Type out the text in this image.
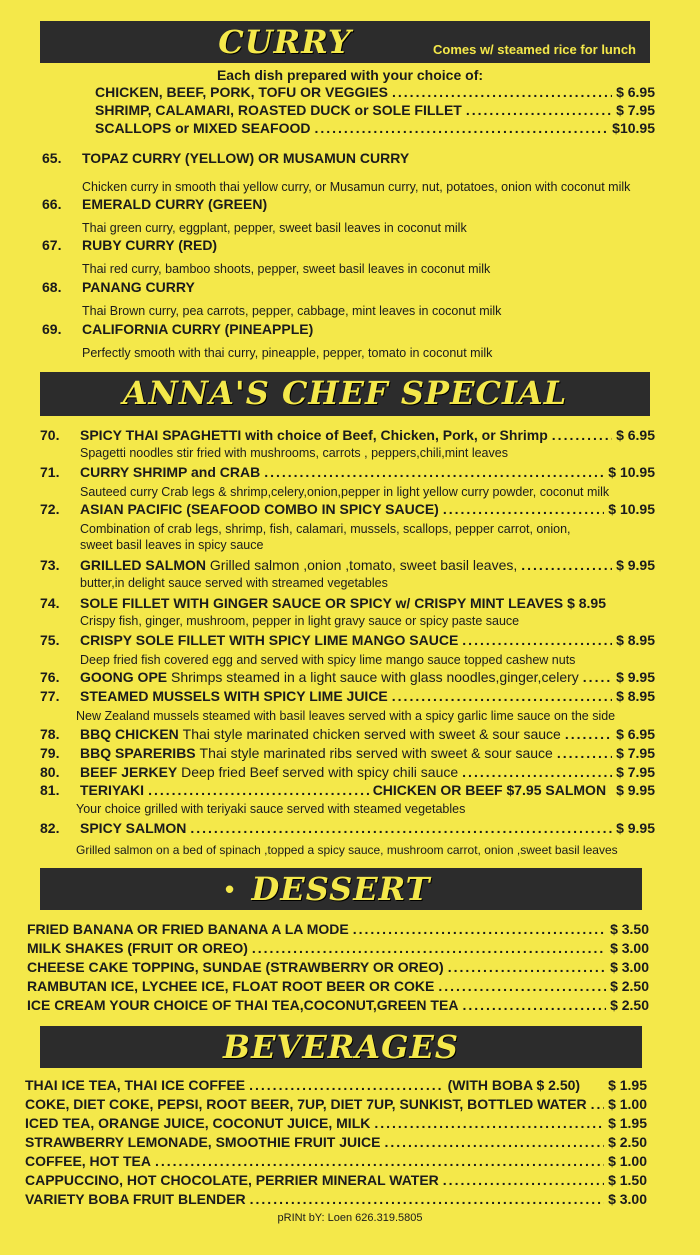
CURRY	Comes w/ steamed rice for lunch
Each dish prepared with your choice of:
CHICKEN, BEEF, PORK, TOFU OR VEGGIES .....	$ 6.95
SHRIMP, CALAMARI, ROASTED DUCK or SOLE FILLET .....	$ 7.95
SCALLOPS or MIXED SEAFOOD .....	$10.95
65.	TOPAZ CURRY (YELLOW) OR MUSAMUN CURRY
Chicken curry in smooth thai yellow curry, or Musamun curry, nut, potatoes, onion with coconut milk
66.	EMERALD CURRY (GREEN)
Thai green curry, eggplant, pepper, sweet basil leaves in coconut milk
67.	RUBY CURRY (RED)
Thai red curry, bamboo shoots, pepper, sweet basil leaves in coconut milk
68.	PANANG CURRY
Thai Brown curry, pea carrots, pepper, cabbage, mint leaves in coconut milk
69.	CALIFORNIA CURRY (PINEAPPLE)
Perfectly smooth with thai curry, pineapple, pepper, tomato in coconut milk
ANNA'S CHEF SPECIAL
70.	SPICY THAI SPAGHETTI with choice of Beef, Chicken, Pork, or Shrimp .....	$ 6.95
Spagetti noodles stir fried with mushrooms, carrots , peppers,chili,mint leaves
71.	CURRY SHRIMP and CRAB .....	$ 10.95
Sauteed curry Crab legs & shrimp,celery,onion,pepper in light yellow curry powder, coconut milk
72.	ASIAN PACIFIC (SEAFOOD COMBO IN SPICY SAUCE) .....	$ 10.95
Combination of crab legs, shrimp, fish, calamari, mussels, scallops, pepper carrot, onion,
sweet basil leaves in spicy sauce
73.	GRILLED SALMON
Grilled salmon ,onion ,tomato, sweet basil leaves, .....	$ 9.95
butter,in delight sauce served with streamed vegetables
74.	SOLE FILLET WITH GINGER SAUCE OR SPICY w/ CRISPY MINT LEAVES $ 8.95
Crispy fish, ginger, mushroom, pepper in light gravy sauce or spicy paste sauce
75.	CRISPY SOLE FILLET WITH SPICY LIME MANGO SAUCE .....	$ 8.95
Deep fried fish covered egg and served with spicy lime mango sauce topped cashew nuts
76.	GOONG OPE
Shrimps steamed in a light sauce with glass noodles,ginger,celery .....	$ 9.95
77.	STEAMED MUSSELS WITH SPICY LIME JUICE .....	$ 8.95
New Zealand mussels steamed with basil leaves served with a spicy garlic lime sauce on the side
78.	BBQ CHICKEN
Thai style marinated chicken served with sweet & sour sauce .....	$ 6.95
79.	BBQ SPARERIBS
Thai style marinated ribs served with sweet & sour sauce .....	$ 7.95
80.	BEEF JERKEY
Deep fried Beef served with spicy chili sauce .....	$ 7.95
81.	TERIYAKI .....	CHICKEN OR BEEF $7.95 SALMON $ 9.95
Your choice grilled with teriyaki sauce served with steamed vegetables
82.	SPICY SALMON .....	$ 9.95
Grilled salmon on a bed of spinach ,topped a spicy sauce, mushroom carrot, onion ,sweet basil leaves
• DESSERT
FRIED BANANA OR FRIED BANANA A LA MODE .....	$ 3.50
MILK SHAKES (FRUIT OR OREO) .....	$ 3.00
CHEESE CAKE TOPPING, SUNDAE (STRAWBERRY OR OREO) .....	$ 3.00
RAMBUTAN ICE, LYCHEE ICE, FLOAT ROOT BEER OR COKE .....	$ 2.50
ICE CREAM YOUR CHOICE OF THAI TEA,COCONUT,GREEN TEA .....	$ 2.50
BEVERAGES
THAI ICE TEA, THAI ICE COFFEE .....	(WITH BOBA $ 2.50) $ 1.95
COKE, DIET COKE, PEPSI, ROOT BEER, 7UP, DIET 7UP, SUNKIST, BOTTLED WATER ..... $ 1.00
ICED TEA, ORANGE JUICE, COCONUT JUICE, MILK .....	$ 1.95
STRAWBERRY LEMONADE, SMOOTHIE FRUIT JUICE .....	$ 2.50
COFFEE, HOT TEA .....	$ 1.00
CAPPUCCINO, HOT CHOCOLATE, PERRIER MINERAL WATER .....	$ 1.50
VARIETY BOBA FRUIT BLENDER .....	$ 3.00
pRINt bY: Loen 626.319.5805
